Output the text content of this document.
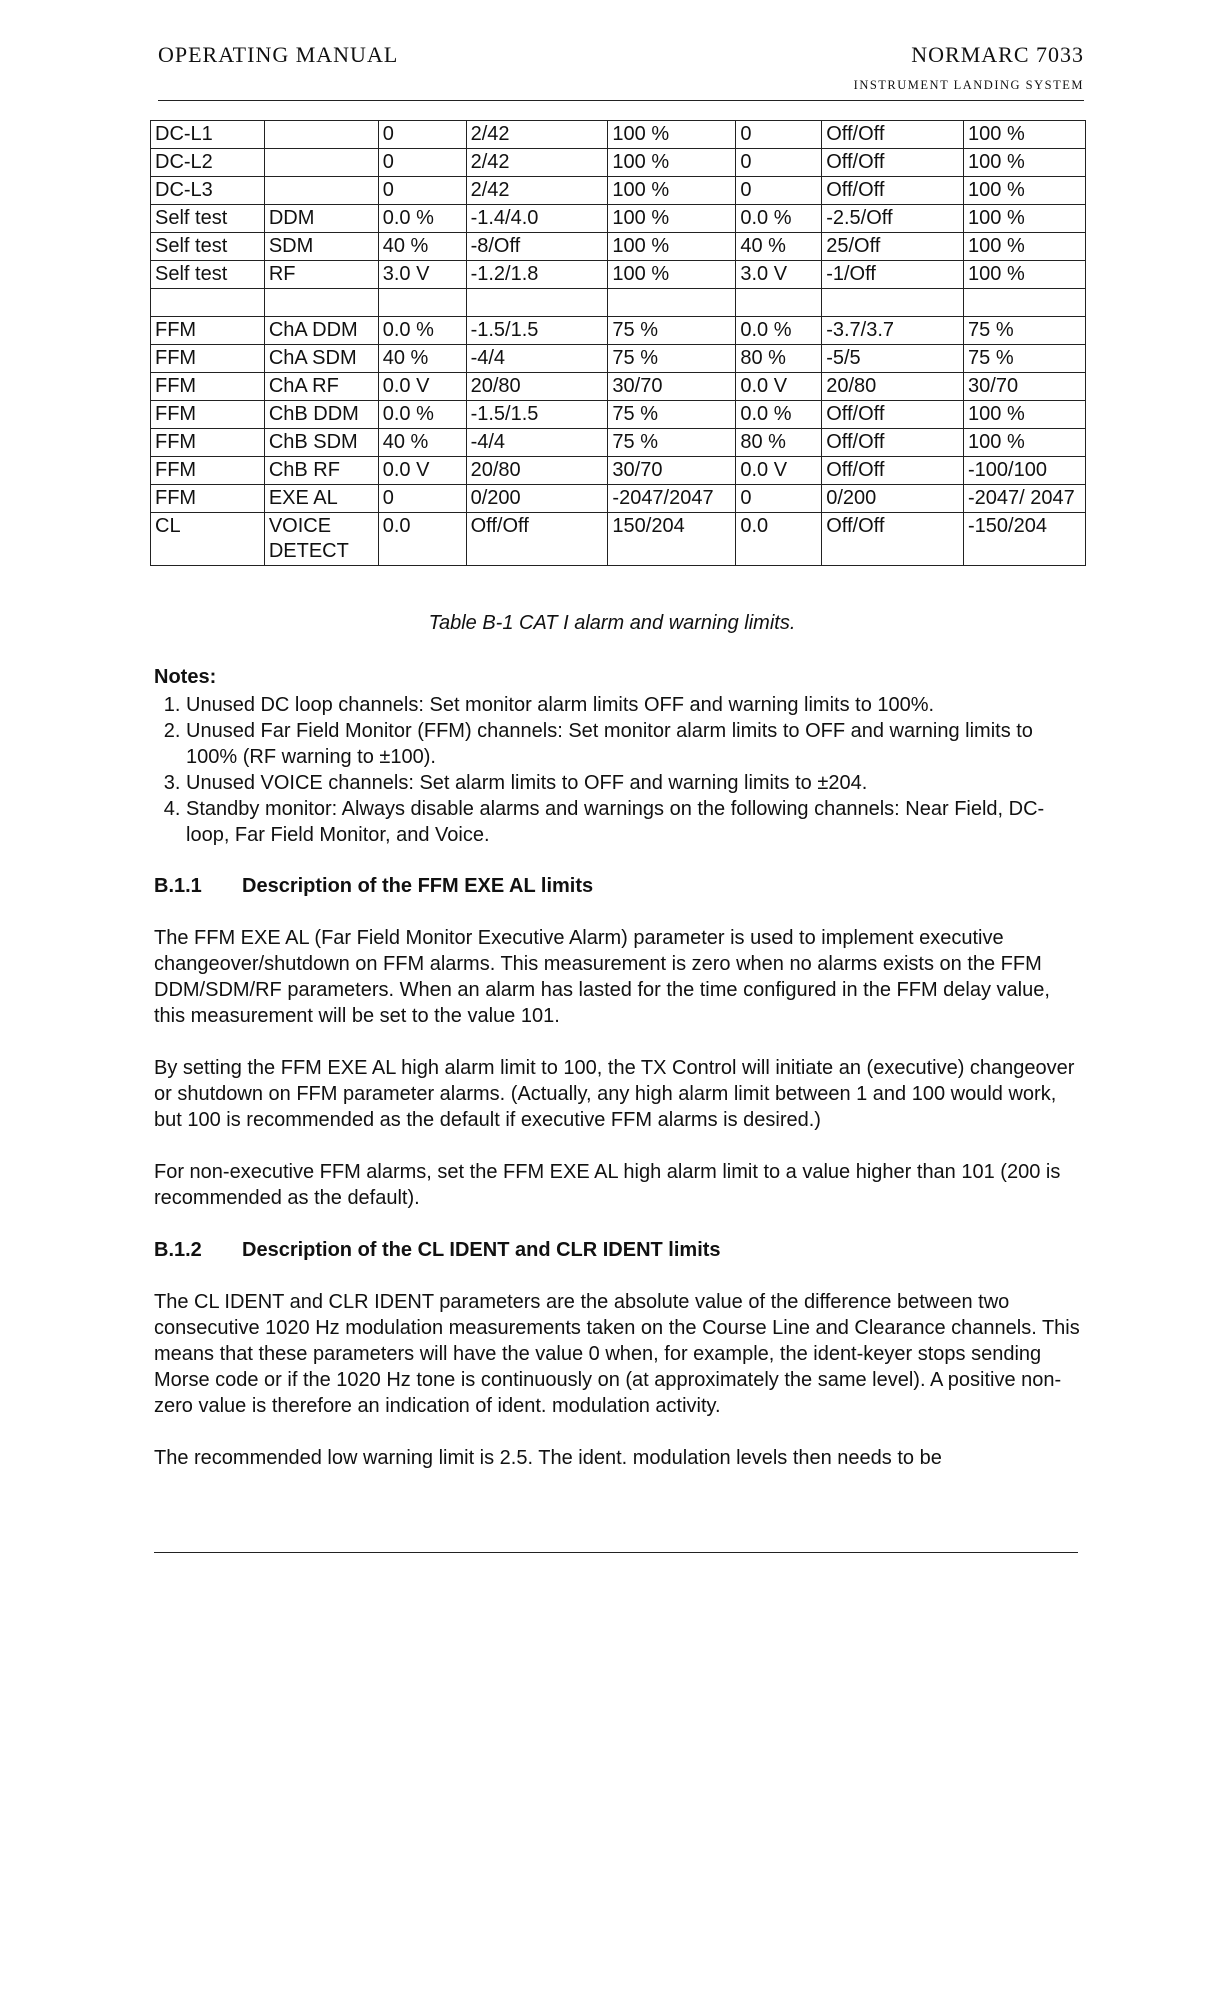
OPERATING MANUAL	NORMARC 7033
INSTRUMENT LANDING SYSTEM
DC-L1		0	2/42	100 %	0	Off/Off	100 %
DC-L2		0	2/42	100 %	0	Off/Off	100 %
DC-L3		0	2/42	100 %	0	Off/Off	100 %
Self test	DDM	0.0 %	-1.4/4.0	100 %	0.0 %	-2.5/Off	100 %
Self test	SDM	40 %	-8/Off	100 %	40 %	25/Off	100 %
Self test	RF	3.0 V	-1.2/1.8	100 %	3.0 V	-1/Off	100 %

FFM	ChA DDM	0.0 %	-1.5/1.5	75 %	0.0 %	-3.7/3.7	75 %
FFM	ChA SDM	40 %	-4/4	75 %	80 %	-5/5	75 %
FFM	ChA RF	0.0 V	20/80	30/70	0.0 V	20/80	30/70
FFM	ChB DDM	0.0 %	-1.5/1.5	75 %	0.0 %	Off/Off	100 %
FFM	ChB SDM	40 %	-4/4	75 %	80 %	Off/Off	100 %
FFM	ChB RF	0.0 V	20/80	30/70	0.0 V	Off/Off	-100/100
FFM	EXE AL	0	0/200	-2047/2047	0	0/200	-2047/ 2047
CL	VOICE DETECT	0.0	Off/Off	150/204	0.0	Off/Off	-150/204
Table B-1 CAT I alarm and warning limits.
Notes:
1. Unused DC loop channels: Set monitor alarm limits OFF and warning limits to 100%.
2. Unused Far Field Monitor (FFM) channels: Set monitor alarm limits to OFF and warning limits to 100% (RF warning to ±100).
3. Unused VOICE channels: Set alarm limits to OFF and warning limits to ±204.
4. Standby monitor: Always disable alarms and warnings on the following channels: Near Field, DC-loop, Far Field Monitor, and Voice.
B.1.1	Description of the FFM EXE AL limits

The FFM EXE AL (Far Field Monitor Executive Alarm) parameter is used to implement executive changeover/shutdown on FFM alarms. This measurement is zero when no alarms exists on the FFM DDM/SDM/RF parameters. When an alarm has lasted for the time configured in the FFM delay value, this measurement will be set to the value 101.

By setting the FFM EXE AL high alarm limit to 100, the TX Control will initiate an (executive) changeover or shutdown on FFM parameter alarms. (Actually, any high alarm limit between 1 and 100 would work, but 100 is recommended as the default if executive FFM alarms is desired.)

For non-executive FFM alarms, set the FFM EXE AL high alarm limit to a value higher than 101 (200 is recommended as the default).

B.1.2	Description of the CL IDENT and CLR IDENT limits

The CL IDENT and CLR IDENT parameters are the absolute value of the difference between two consecutive 1020 Hz modulation measurements taken on the Course Line and Clearance channels. This means that these parameters will have the value 0 when, for example, the ident-keyer stops sending Morse code or if the 1020 Hz tone is continuously on (at approximately the same level). A positive non-zero value is therefore an indication of ident. modulation activity.

The recommended low warning limit is 2.5. The ident. modulation levels then needs to be
